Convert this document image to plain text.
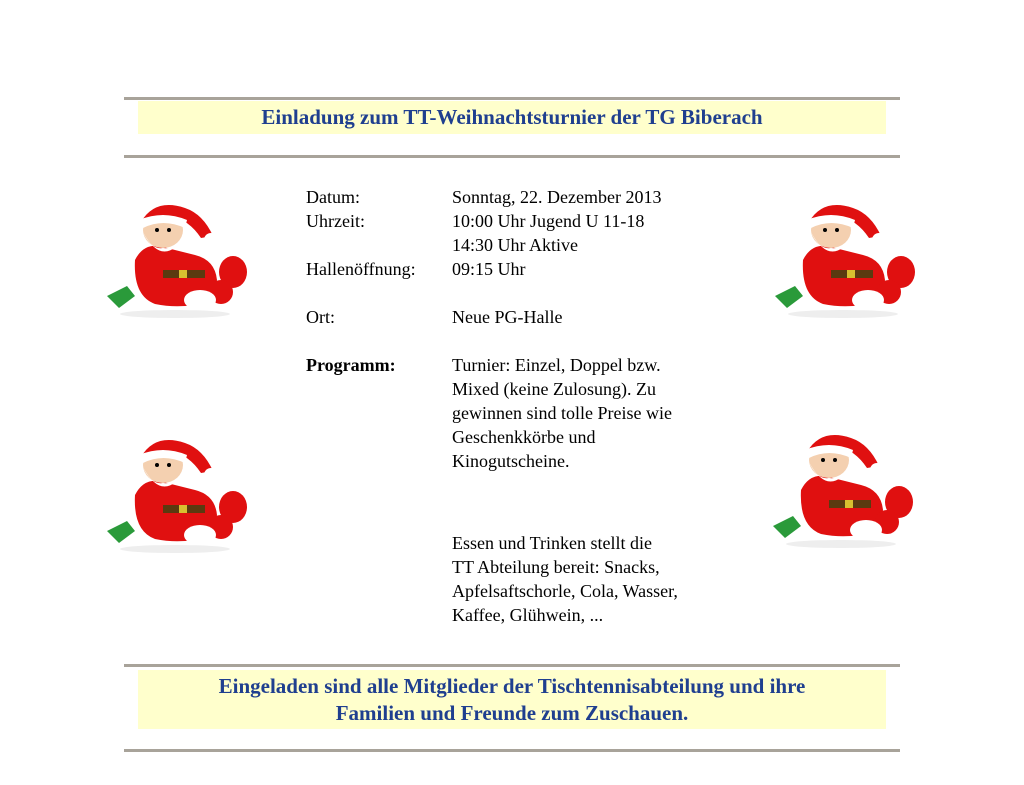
Einladung zum TT-Weihnachtsturnier der TG Biberach
Datum:	Sonntag, 22. Dezember 2013
Uhrzeit:	10:00 Uhr Jugend U 11-18
14:30 Uhr Aktive
Hallenöffnung: 09:15 Uhr
Ort:	Neue PG-Halle
Programm:	Turnier: Einzel, Doppel bzw.
Mixed (keine Zulosung). Zu
gewinnen sind tolle Preise wie
Geschenkkörbe und
Kinogutscheine.
Essen und Trinken stellt die
TT Abteilung bereit: Snacks,
Apfelsaftschorle, Cola, Wasser,
Kaffee, Glühwein, ...
Eingeladen sind alle Mitglieder der Tischtennisabteilung und ihre
Familien und Freunde zum Zuschauen.
